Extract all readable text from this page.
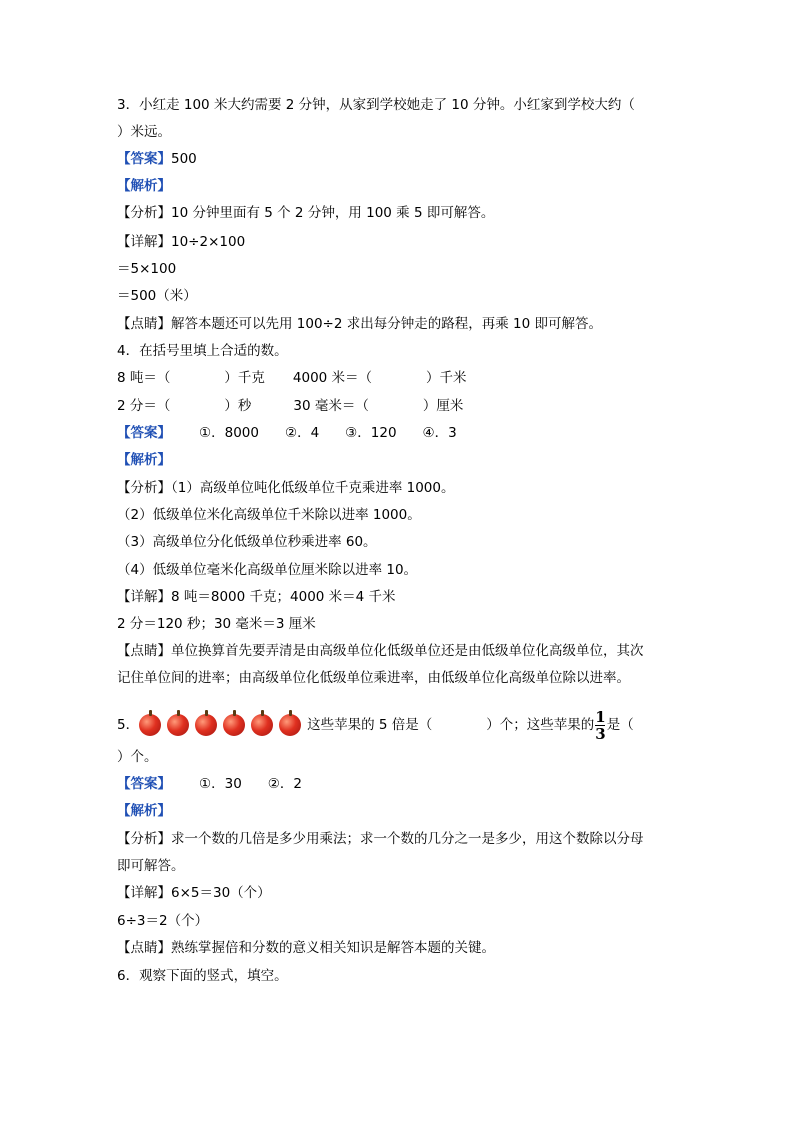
3．小红走 100 米大约需要 2 分钟，从家到学校她走了 10 分钟。小红家到学校大约（
）米远。
【答案】500
【解析】
【分析】10 分钟里面有 5 个 2 分钟，用 100 乘 5 即可解答。
【详解】10÷2×100
＝5×100
＝500（米）
【点睛】解答本题还可以先用 100÷2 求出每分钟走的路程，再乘 10 即可解答。
4．在括号里填上合适的数。
8 吨＝（　　　　）千克 4000 米＝（　　　　）千米
2 分＝（　　　　）秒	30 毫米＝（　　　　）厘米
【答案】 ①．8000 ②．4 ③．120 ④．3
【解析】
【分析】（1）高级单位吨化低级单位千克乘进率 1000。
（2）低级单位米化高级单位千米除以进率 1000。
（3）高级单位分化低级单位秒乘进率 60。
（4）低级单位毫米化高级单位厘米除以进率 10。
【详解】8 吨＝8000 千克；4000 米＝4 千米
2 分＝120 秒；30 毫米＝3 厘米
【点睛】单位换算首先要弄清是由高级单位化低级单位还是由低级单位化高级单位，其次
记住单位间的进率；由高级单位化低级单位乘进率，由低级单位化高级单位除以进率。
5．	这些苹果的 5 倍是（　　　　）个；这些苹果的$\frac{1}{3}$是（
）个。
【答案】 ①．30 ②．2
【解析】
【分析】求一个数的几倍是多少用乘法；求一个数的几分之一是多少，用这个数除以分母
即可解答。
【详解】6×5＝30（个）
6÷3＝2（个）
【点睛】熟练掌握倍和分数的意义相关知识是解答本题的关键。
6．观察下面的竖式，填空。
